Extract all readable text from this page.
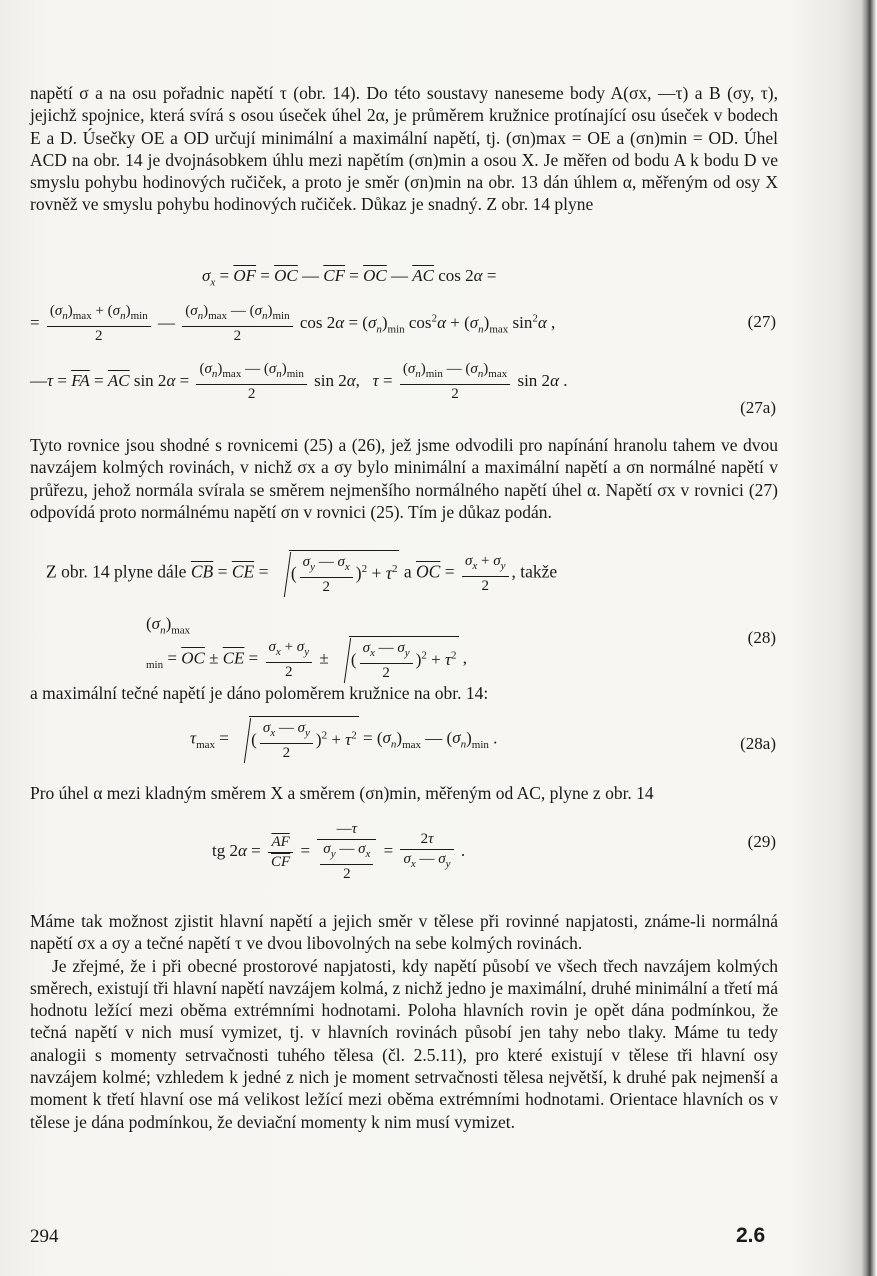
napětí σ a na osu pořadnic napětí τ (obr. 14). Do této soustavy naneseme body A(σx, —τ) a B (σy, τ), jejichž spojnice, která svírá s osou úseček úhel 2α, je průměrem kružnice protínající osu úseček v bodech E a D. Úsečky OE a OD určují minimální a maximální napětí, tj. (σn)max = OE a (σn)min = OD. Úhel ACD na obr. 14 je dvojnásobkem úhlu mezi napětím (σn)min a osou X. Je měřen od bodu A k bodu D ve smyslu pohybu hodinových ručiček, a proto je směr (σn)min na obr. 13 dán úhlem α, měřeným od osy X rovněž ve smyslu pohybu hodinových ručiček. Důkaz je snadný. Z obr. 14 plyne

$\sigma_x = \overline{OF} = \overline{OC}$ — $\overline{CF} = \overline{OC}$ — $\overline{AC}$ cos 2α =
= $\frac{(\sigma_n)_{max} + (\sigma_n)_{min}}{2}$ — $\frac{(\sigma_n)_{max} — (\sigma_n)_{min}}{2}$ $\cos 2\alpha = (\sigma_n)_{min}$ $\cos^2\alpha + (\sigma_n)_{max}$ $\sin^2\alpha$ ,	(27)
—τ = $\overline{FA} = \overline{AC}$ $\sin 2\alpha = \frac{(\sigma_n)_{max} — (\sigma_n)_{min}}{2}$ sin 2α,   $\tau = \frac{(\sigma_n)_{min} — (\sigma_n)_{max}}{2}$ sin 2α .
(27a)

Tyto rovnice jsou shodné s rovnicemi (25) a (26), jež jsme odvodili pro napínání hranolu tahem ve dvou navzájem kolmých rovinách, v nichž σx a σy bylo minimální a maximální napětí a σn normálné napětí v průřezu, jehož normála svírala se směrem nejmenšího normálného napětí úhel α. Napětí σx v rovnici (27) odpovídá proto normálnému napětí σn v rovnici (25). Tím je důkaz podán.

Z obr. 14 plyne dále $\overline{CB} = \overline{CE}$ = ( $\frac{\sigma_y — \sigma_x}{2} )^2 + \tau^2$ a $\overline{OC} = \frac{\sigma_x + \sigma_y}{2}$ , takže
$(\sigma_n)_{max min} = \overline{OC} \pm \overline{CE} = \frac{\sigma_x + \sigma_y}{2}$ ± ( $\frac{\sigma_x — \sigma_y}{2} )^2 + \tau^2$ ,
(28)

a maximální tečné napětí je dáno poloměrem kružnice na obr. 14:

$\tau_{max}$ = ( $\frac{\sigma_x — \sigma_y}{2} )^2 + \tau^2 = (\sigma_n)_{max}$ — $(\sigma_n)_{min}$ .	(28a)

Pro úhel α mezi kladným směrem X a směrem (σn)min, měřeným od AC, plyne z obr. 14

tg $2\alpha = \frac{\overline{AF}}{CF} = \frac{—\tau}{\frac{\sigma_y — \sigma_x}{2}} = \frac{2\tau}{\sigma_x — \sigma_y}$ .	(29)

Máme tak možnost zjistit hlavní napětí a jejich směr v tělese při rovinné napjatosti, známe-li normálná napětí σx a σy a tečné napětí τ ve dvou libovolných na sebe kolmých rovinách.

Je zřejmé, že i při obecné prostorové napjatosti, kdy napětí působí ve všech třech navzájem kolmých směrech, existují tři hlavní napětí navzájem kolmá, z nichž jedno je maximální, druhé minimální a třetí má hodnotu ležící mezi oběma extrémními hodnotami. Poloha hlavních rovin je opět dána podmínkou, že tečná napětí v nich musí vymizet, tj. v hlavních rovinách působí jen tahy nebo tlaky. Máme tu tedy analogii s momenty setrvačnosti tuhého tělesa (čl. 2.5.11), pro které existují v tělese tři hlavní osy navzájem kolmé; vzhledem k jedné z nich je moment setrvačnosti tělesa největší, k druhé pak nejmenší a moment k třetí hlavní ose má velikost ležící mezi oběma extrémními hodnotami. Orientace hlavních os v tělese je dána podmínkou, že deviační momenty k nim musí vymizet.

294	2.6
